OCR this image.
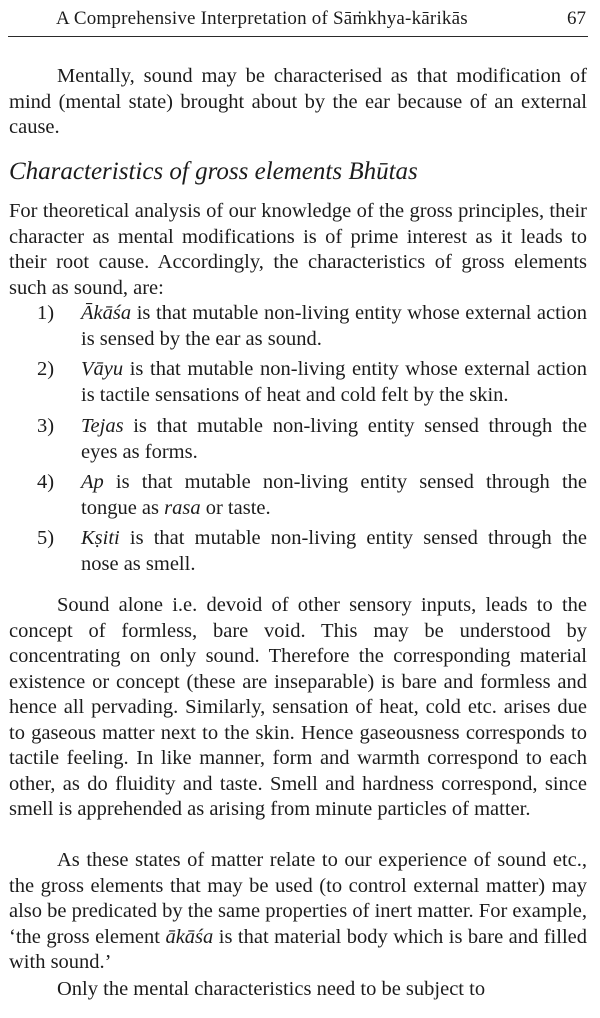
A Comprehensive Interpretation of Sāṁkhya-kārikās	67

Mentally, sound may be characterised as that modification of mind (mental state) brought about by the ear because of an external cause.

Characteristics of gross elements Bhūtas

For theoretical analysis of our knowledge of the gross principles, their character as mental modifications is of prime interest as it leads to their root cause. Accordingly, the characteristics of gross elements such as sound, are:

1) Ākāśa is that mutable non-living entity whose external action is sensed by the ear as sound.
2) Vāyu is that mutable non-living entity whose external action is tactile sensations of heat and cold felt by the skin.
3) Tejas is that mutable non-living entity sensed through the eyes as forms.
4) Ap is that mutable non-living entity sensed through the tongue as rasa or taste.
5) Kṣiti is that mutable non-living entity sensed through the nose as smell.

Sound alone i.e. devoid of other sensory inputs, leads to the concept of formless, bare void. This may be understood by concentrating on only sound. Therefore the corresponding material existence or concept (these are inseparable) is bare and formless and hence all pervading. Similarly, sensation of heat, cold etc. arises due to gaseous matter next to the skin. Hence gaseousness corresponds to tactile feeling. In like manner, form and warmth correspond to each other, as do fluidity and taste. Smell and hardness correspond, since smell is apprehended as arising from minute particles of matter.

As these states of matter relate to our experience of sound etc., the gross elements that may be used (to control external matter) may also be predicated by the same properties of inert matter. For example, ‘the gross element ākāśa is that material body which is bare and filled with sound.’

Only the mental characteristics need to be subject to
